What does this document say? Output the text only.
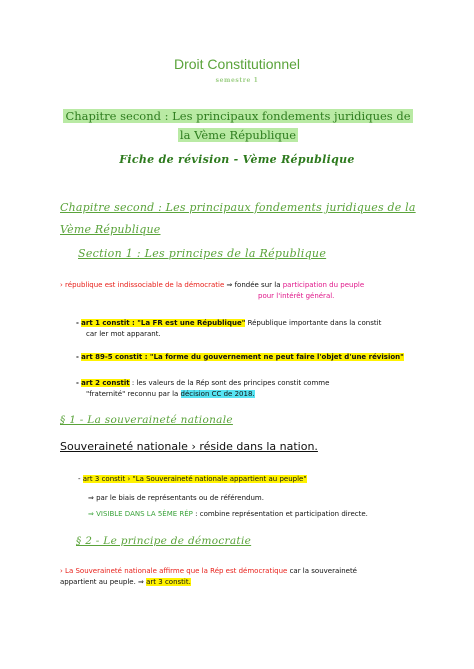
Droit Constitutionnel
semestre 1
Chapitre second : Les principaux fondements juridiques de
la Vème République
Fiche de révision - Vème République
Chapitre second : Les principaux fondements juridiques de la Vème République
Section 1 : Les principes de la République
› république est indissociable de la démocratie ⇒ fondée sur la participation du peuple
pour l'intérêt général.
- art 1 constit : "La FR est une République" République importante dans la constit
car ler mot apparant.
- art 89-5 constit : "La forme du gouvernement ne peut faire l'objet d'une révision"
- art 2 constit : les valeurs de la Rép sont des principes constit comme
"fraternité" reconnu par la décision CC de 2018.
§ 1 - La souveraineté nationale
Souveraineté nationale › réside dans la nation.
- art 3 constit › "La Souveraineté nationale appartient au peuple"
⇒ par le biais de représentants ou de référendum.
⇒ VISIBLE DANS LA 5ÈME RÉP : combine représentation et participation directe.
§ 2 - Le principe de démocratie
› La Souveraineté nationale affirme que la Rép est démocratique car la souveraineté
appartient au peuple. ⇒ art 3 constit.
